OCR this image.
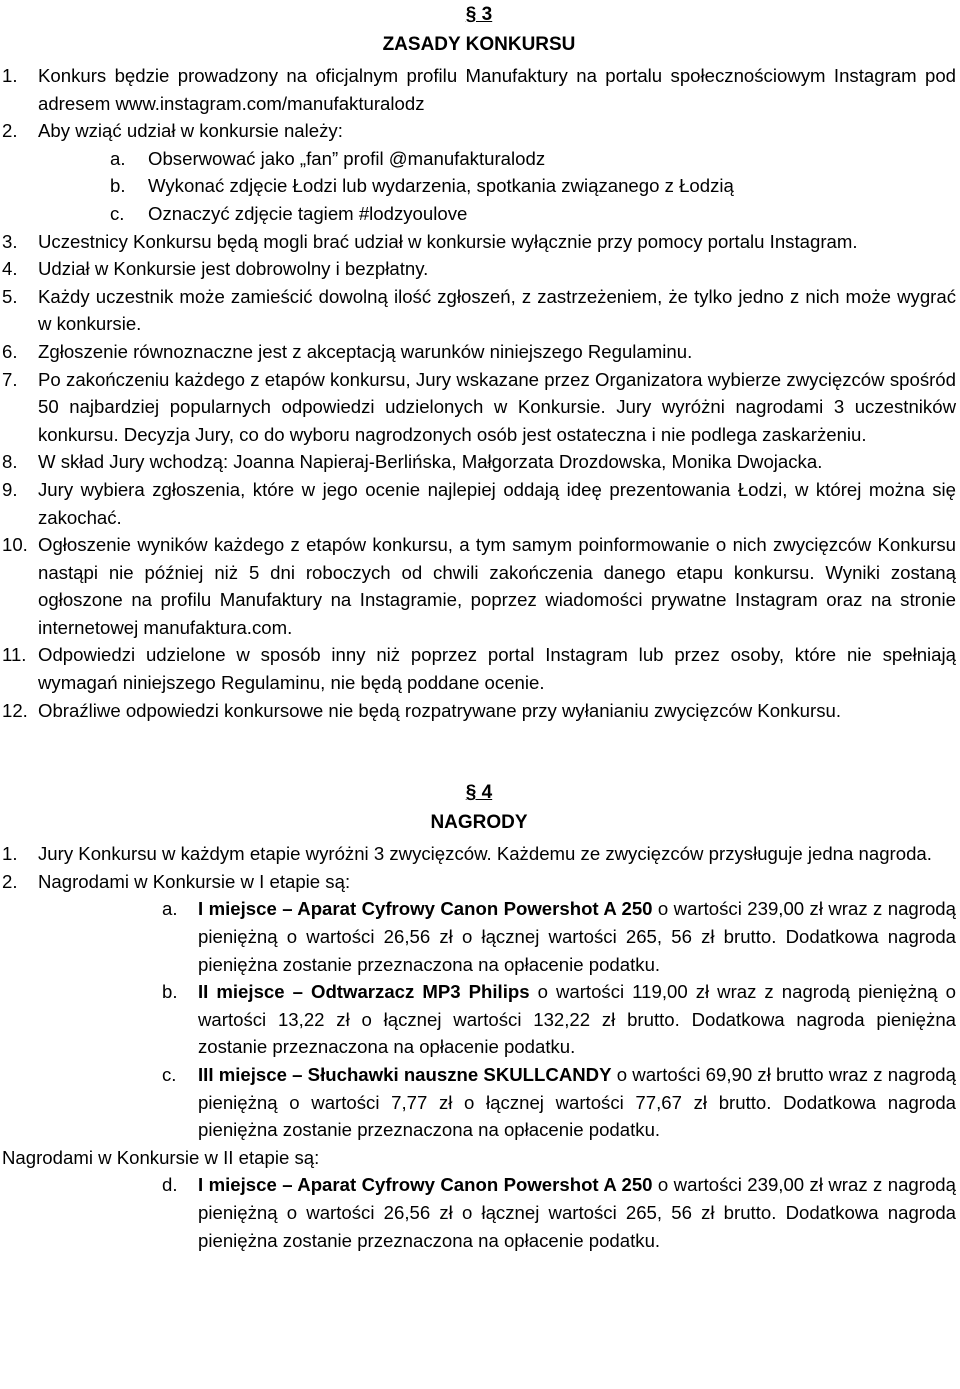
§ 3

ZASADY KONKURSU

1.	Konkurs będzie prowadzony na oficjalnym profilu Manufaktury na portalu społecznościowym Instagram pod adresem www.instagram.com/manufakturalodz
2.	Aby wziąć udział w konkursie należy:
a.	Obserwować jako „fan” profil @manufakturalodz
b.	Wykonać zdjęcie Łodzi lub wydarzenia, spotkania związanego z Łodzią
c.	Oznaczyć zdjęcie tagiem #lodzyoulove
3.	Uczestnicy Konkursu będą mogli brać udział w konkursie wyłącznie przy pomocy portalu Instagram.
4.	Udział w Konkursie jest dobrowolny i bezpłatny.
5.	Każdy uczestnik może zamieścić dowolną ilość zgłoszeń, z zastrzeżeniem, że tylko jedno z nich może wygrać w konkursie.
6.	Zgłoszenie równoznaczne jest z akceptacją warunków niniejszego Regulaminu.
7.	Po zakończeniu każdego z etapów konkursu, Jury wskazane przez Organizatora wybierze zwycięzców spośród 50 najbardziej popularnych odpowiedzi udzielonych w Konkursie. Jury wyróżni nagrodami 3 uczestników konkursu. Decyzja Jury, co do wyboru nagrodzonych osób jest ostateczna i nie podlega zaskarżeniu.
8.	W skład Jury wchodzą: Joanna Napieraj-Berlińska, Małgorzata Drozdowska, Monika Dwojacka.
9.	Jury wybiera zgłoszenia, które w jego ocenie najlepiej oddają ideę prezentowania Łodzi, w której można się zakochać.
10. Ogłoszenie wyników każdego z etapów konkursu, a tym samym poinformowanie o nich zwycięzców Konkursu nastąpi nie później niż 5 dni roboczych od chwili zakończenia danego etapu konkursu. Wyniki zostaną ogłoszone na profilu Manufaktury na Instagramie, poprzez wiadomości prywatne Instagram oraz na stronie internetowej manufaktura.com.
11. Odpowiedzi udzielone w sposób inny niż poprzez portal Instagram lub przez osoby, które nie spełniają wymagań niniejszego Regulaminu, nie będą poddane ocenie.
12. Obraźliwe odpowiedzi konkursowe nie będą rozpatrywane przy wyłanianiu zwycięzców Konkursu.

§ 4

NAGRODY

1.	Jury Konkursu w każdym etapie wyróżni 3 zwycięzców. Każdemu ze zwycięzców przysługuje jedna nagroda.
2.	Nagrodami w Konkursie w I etapie są:
a.	I miejsce – Aparat Cyfrowy Canon Powershot A 250 o wartości 239,00 zł wraz z nagrodą pieniężną o wartości 26,56 zł o łącznej wartości 265, 56 zł brutto. Dodatkowa nagroda pieniężna zostanie przeznaczona na opłacenie podatku.
b.	II miejsce – Odtwarzacz MP3 Philips o wartości 119,00 zł wraz z nagrodą pieniężną o wartości 13,22 zł o łącznej wartości 132,22 zł brutto. Dodatkowa nagroda pieniężna zostanie przeznaczona na opłacenie podatku.
c.	III miejsce – Słuchawki nauszne SKULLCANDY o wartości 69,90 zł brutto wraz z nagrodą pieniężną o wartości 7,77 zł o łącznej wartości 77,67 zł brutto. Dodatkowa nagroda pieniężna zostanie przeznaczona na opłacenie podatku.

Nagrodami w Konkursie w II etapie są:

d.	I miejsce – Aparat Cyfrowy Canon Powershot A 250 o wartości 239,00 zł wraz z nagrodą pieniężną o wartości 26,56 zł o łącznej wartości 265, 56 zł brutto. Dodatkowa nagroda pieniężna zostanie przeznaczona na opłacenie podatku.
